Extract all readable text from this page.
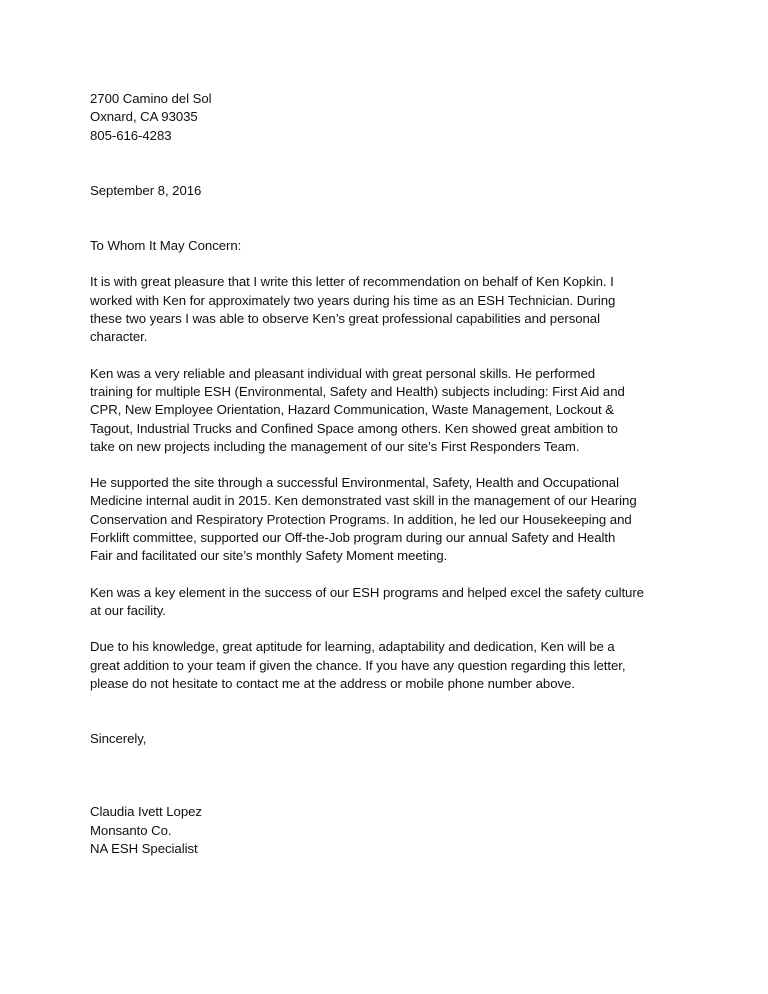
2700 Camino del Sol
Oxnard, CA 93035
805-616-4283
September 8, 2016
To Whom It May Concern:
It is with great pleasure that I write this letter of recommendation on behalf of Ken Kopkin. I
worked with Ken for approximately two years during his time as an ESH Technician. During
these two years I was able to observe Ken’s great professional capabilities and personal
character.
Ken was a very reliable and pleasant individual with great personal skills. He performed
training for multiple ESH (Environmental, Safety and Health) subjects including: First Aid and
CPR, New Employee Orientation, Hazard Communication, Waste Management, Lockout &
Tagout, Industrial Trucks and Confined Space among others. Ken showed great ambition to
take on new projects including the management of our site’s First Responders Team.
He supported the site through a successful Environmental, Safety, Health and Occupational
Medicine internal audit in 2015. Ken demonstrated vast skill in the management of our Hearing
Conservation and Respiratory Protection Programs. In addition, he led our Housekeeping and
Forklift committee, supported our Off-the-Job program during our annual Safety and Health
Fair and facilitated our site’s monthly Safety Moment meeting.
Ken was a key element in the success of our ESH programs and helped excel the safety culture
at our facility.
Due to his knowledge, great aptitude for learning, adaptability and dedication, Ken will be a
great addition to your team if given the chance. If you have any question regarding this letter,
please do not hesitate to contact me at the address or mobile phone number above.
Sincerely,
Claudia Ivett Lopez
Monsanto Co.
NA ESH Specialist
